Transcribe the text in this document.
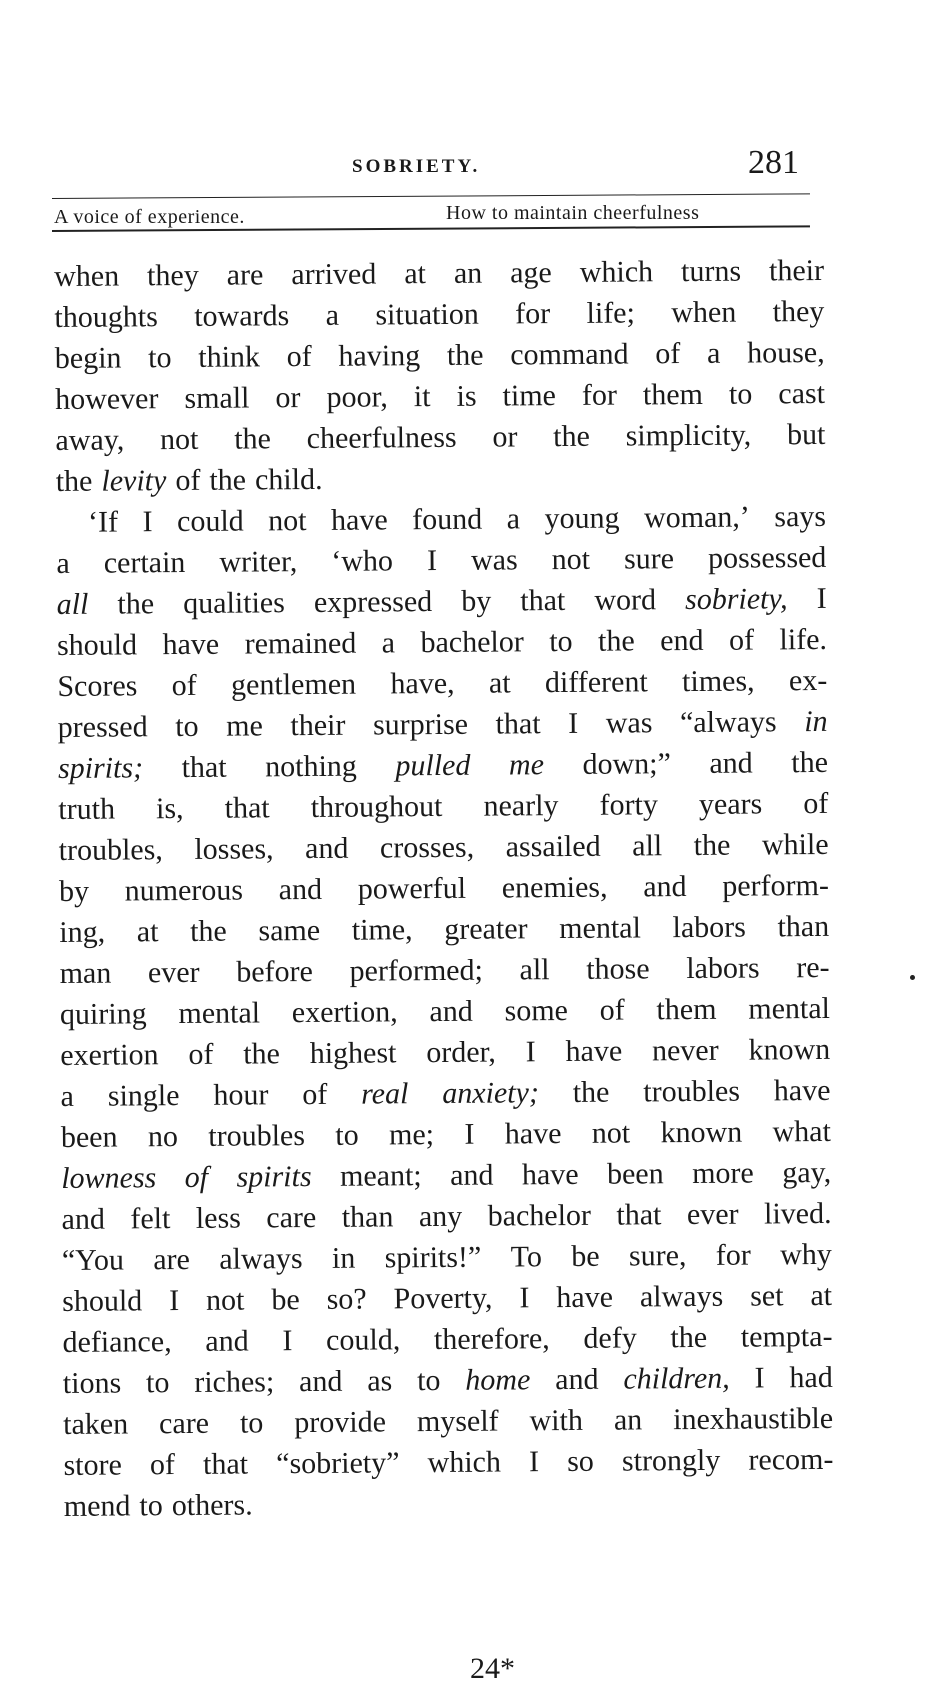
SOBRIETY.	281
A voice of experience.	How to maintain cheerfulness
when they are arrived at an age which turns their
thoughts towards a situation for life; when they
begin to think of having the command of a house,
however small or poor, it is time for them to cast
away, not the cheerfulness or the simplicity, but
the levity of the child.
‘If I could not have found a young woman,’ says
a certain writer, ‘who I was not sure possessed
all the qualities expressed by that word sobriety, I
should have remained a bachelor to the end of life.
Scores of gentlemen have, at different times, ex-
pressed to me their surprise that I was “always in
spirits; that nothing pulled me down;” and the
truth is, that throughout nearly forty years of
troubles, losses, and crosses, assailed all the while
by numerous and powerful enemies, and perform-
ing, at the same time, greater mental labors than
man ever before performed; all those labors re-
quiring mental exertion, and some of them mental
exertion of the highest order, I have never known
a single hour of real anxiety; the troubles have
been no troubles to me; I have not known what
lowness of spirits meant; and have been more gay,
and felt less care than any bachelor that ever lived.
“You are always in spirits!” To be sure, for why
should I not be so? Poverty, I have always set at
defiance, and I could, therefore, defy the tempta-
tions to riches; and as to home and children, I had
taken care to provide myself with an inexhaustible
store of that “sobriety” which I so strongly recom-
mend to others.
24*
